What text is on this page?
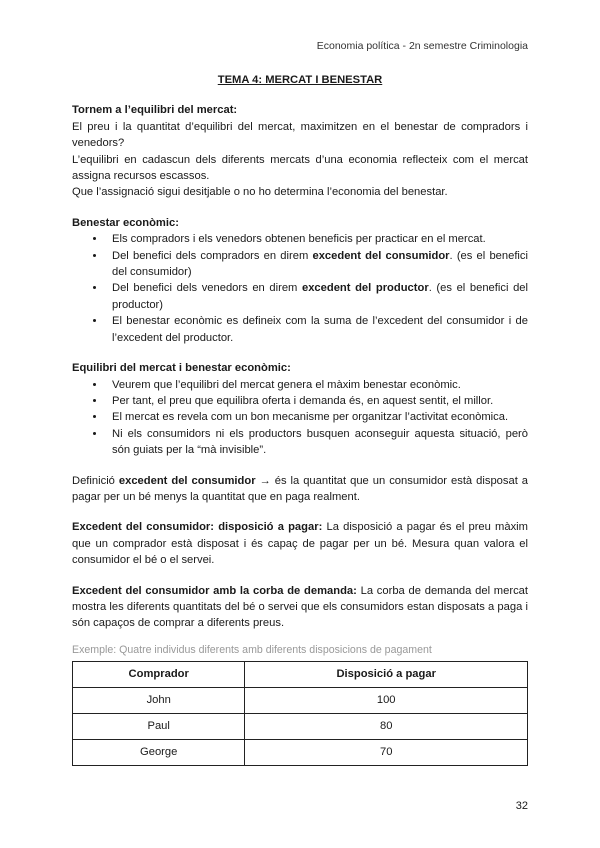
Economia política - 2n semestre Criminologia

TEMA 4: MERCAT I BENESTAR

Tornem a l’equilibri del mercat:

El preu i la quantitat d’equilibri del mercat, maximitzen en el benestar de compradors i venedors?

L’equilibri en cadascun dels diferents mercats d’una economia reflecteix com el mercat assigna recursos escassos.

Que l’assignació sigui desitjable o no ho determina l’economia del benestar.

Benestar econòmic:

• Els compradors i els venedors obtenen beneficis per practicar en el mercat.
• Del benefici dels compradors en direm excedent del consumidor. (es el benefici del consumidor)
• Del benefici dels venedors en direm excedent del productor. (es el benefici del productor)
• El benestar econòmic es defineix com la suma de l’excedent del consumidor i de l’excedent del productor.

Equilibri del mercat i benestar econòmic:

• Veurem que l’equilibri del mercat genera el màxim benestar econòmic.
• Per tant, el preu que equilibra oferta i demanda és, en aquest sentit, el millor.
• El mercat es revela com un bon mecanisme per organitzar l’activitat econòmica.
• Ni els consumidors ni els productors busquen aconseguir aquesta situació, però són guiats per la “mà invisible”.

Definició excedent del consumidor → és la quantitat que un consumidor està disposat a pagar per un bé menys la quantitat que en paga realment.

Excedent del consumidor: disposició a pagar: La disposició a pagar és el preu màxim que un comprador està disposat i és capaç de pagar per un bé. Mesura quan valora el consumidor el bé o el servei.

Excedent del consumidor amb la corba de demanda: La corba de demanda del mercat mostra les diferents quantitats del bé o servei que els consumidors estan disposats a paga i són capaços de comprar a diferents preus.

Exemple: Quatre individus diferents amb diferents disposicions de pagament

Comprador	Disposició a pagar
John	100
Paul	80
George	70
32
